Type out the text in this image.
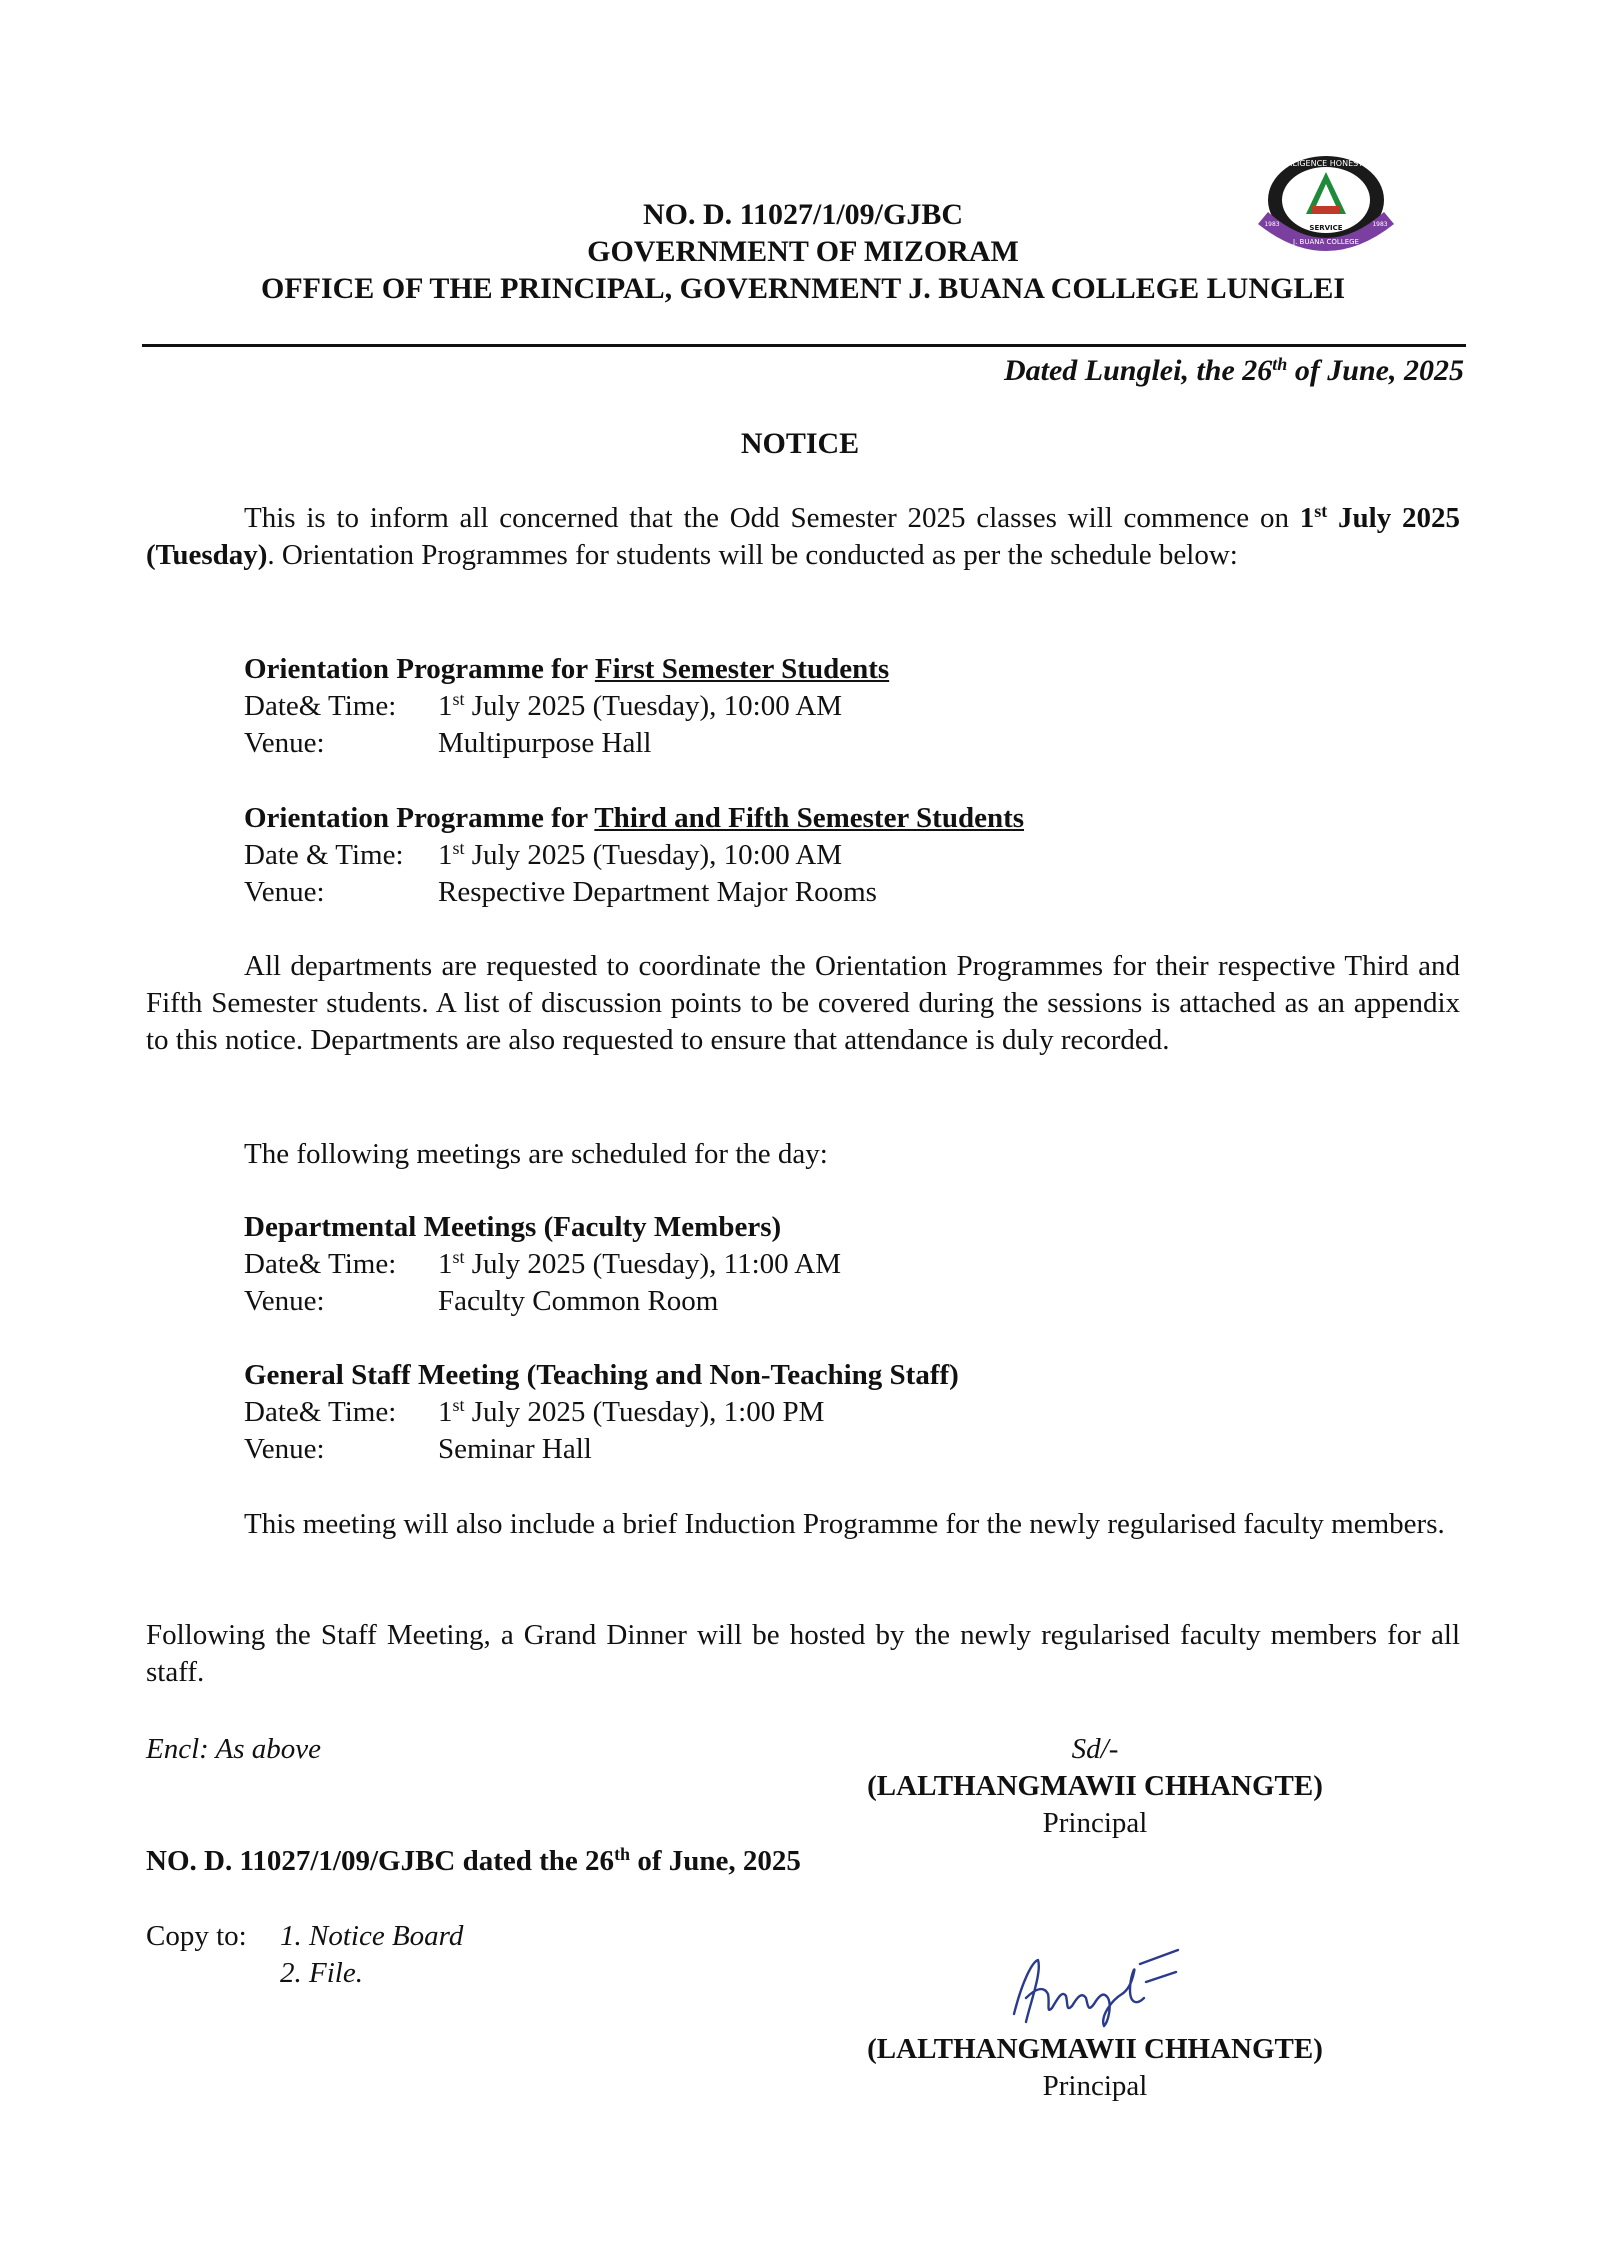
DILIGENCE HONESTY
SERVICE
J. BUANA COLLEGE
1983	1983
NO. D. 11027/1/09/GJBC
GOVERNMENT OF MIZORAM
OFFICE OF THE PRINCIPAL, GOVERNMENT J. BUANA COLLEGE LUNGLEI
Dated Lunglei, the 26th of June, 2025
NOTICE
This is to inform all concerned that the Odd Semester 2025 classes will commence on 1st July 2025 (Tuesday). Orientation Programmes for students will be conducted as per the schedule below:
Orientation Programme for First Semester Students
Date& Time: 1st July 2025 (Tuesday), 10:00 AM
Venue:	Multipurpose Hall
Orientation Programme for Third and Fifth Semester Students
Date & Time: 1st July 2025 (Tuesday), 10:00 AM
Venue:	Respective Department Major Rooms
All departments are requested to coordinate the Orientation Programmes for their respective Third and Fifth Semester students. A list of discussion points to be covered during the sessions is attached as an appendix to this notice. Departments are also requested to ensure that attendance is duly recorded.
The following meetings are scheduled for the day:
Departmental Meetings (Faculty Members)
Date& Time: 1st July 2025 (Tuesday), 11:00 AM
Venue:	Faculty Common Room
General Staff Meeting (Teaching and Non-Teaching Staff)
Date& Time: 1st July 2025 (Tuesday), 1:00 PM
Venue:	Seminar Hall
This meeting will also include a brief Induction Programme for the newly regularised faculty members.
Following the Staff Meeting, a Grand Dinner will be hosted by the newly regularised faculty members for all staff.
Encl: As above	Sd/-
(LALTHANGMAWII CHHANGTE)
Principal
NO. D. 11027/1/09/GJBC dated the 26th of June, 2025
Copy to: 1. Notice Board
2. File.
(LALTHANGMAWII CHHANGTE)
Principal
